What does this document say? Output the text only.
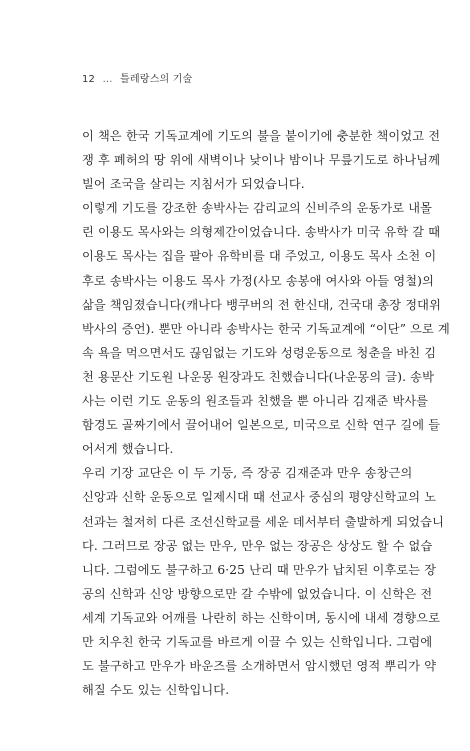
12 … 틀레랑스의 기술
이 책은 한국 기독교계에 기도의 불을 붙이기에 충분한 책이었고 전
쟁 후 폐허의 땅 위에 새벽이나 낮이나 밤이나 무릎기도로 하나님께
빌어 조국을 살리는 지침서가 되었습니다.
이렇게 기도를 강조한 송박사는 감리교의 신비주의 운동가로 내몰
린 이용도 목사와는 의형제간이었습니다. 송박사가 미국 유학 갈 때
이용도 목사는 집을 팔아 유학비를 대 주었고, 이용도 목사 소천 이
후로 송박사는 이용도 목사 가정(사모 송봉애 여사와 아들 영철)의
삶을 책임졌습니다(캐나다 뱅쿠버의 전 한신대, 건국대 총장 정대위
박사의 증언). 뿐만 아니라 송박사는 한국 기독교계에 “이단” 으로 계
속 욕을 먹으면서도 끊임없는 기도와 성령운동으로 청춘을 바친 김
천 용문산 기도원 나운몽 원장과도 친했습니다(나운몽의 글). 송박
사는 이런 기도 운동의 원조들과 친했을 뿐 아니라 김재준 박사를
함경도 골짜기에서 끌어내어 일본으로, 미국으로 신학 연구 길에 들
어서게 했습니다.
우리 기장 교단은 이 두 기둥, 즉 장공 김재준과 만우 송창근의
신앙과 신학 운동으로 일제시대 때 선교사 중심의 평양신학교의 노
선과는 철저히 다른 조선신학교를 세운 데서부터 출발하게 되었습니
다. 그러므로 장공 없는 만우, 만우 없는 장공은 상상도 할 수 없습
니다. 그럼에도 불구하고 6·25 난리 때 만우가 납치된 이후로는 장
공의 신학과 신앙 방향으로만 갈 수밖에 없었습니다. 이 신학은 전
세계 기독교와 어깨를 나란히 하는 신학이며, 동시에 내세 경향으로
만 치우친 한국 기독교를 바르게 이끌 수 있는 신학입니다. 그럼에
도 불구하고 만우가 바운즈를 소개하면서 암시했던 영적 뿌리가 약
해질 수도 있는 신학입니다.
